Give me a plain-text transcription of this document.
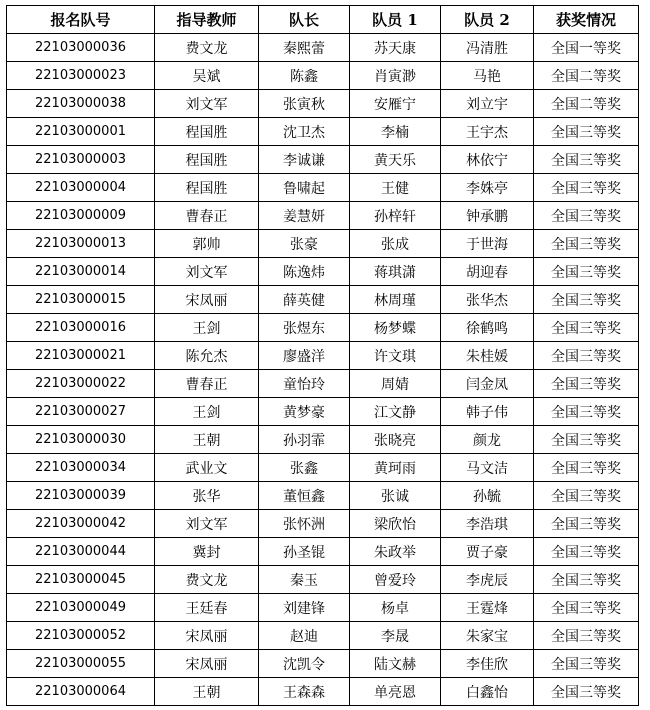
报名队号	指导教师	队长	队员 1	队员 2	获奖情况
22103000036	费文龙	秦熙蕾	苏天康	冯清胜	全国一等奖
22103000023	吴斌	陈鑫	肖寅渺	马艳	全国二等奖
22103000038	刘文军	张寅秋	安雁宁	刘立宇	全国二等奖
22103000001	程国胜	沈卫杰	李楠	王宇杰	全国三等奖
22103000003	程国胜	李诚谦	黄天乐	林依宁	全国三等奖
22103000004	程国胜	鲁啸起	王健	李姝亭	全国三等奖
22103000009	曹春正	姜慧妍	孙梓轩	钟承鹏	全国三等奖
22103000013	郭帅	张豪	张成	于世海	全国三等奖
22103000014	刘文军	陈逸炜	蒋琪潇	胡迎春	全国三等奖
22103000015	宋凤丽	薛英健	林周瑾	张华杰	全国三等奖
22103000016	王剑	张煜东	杨梦蝶	徐鹤鸣	全国三等奖
22103000021	陈允杰	廖盛洋	许文琪	朱桂媛	全国三等奖
22103000022	曹春正	童怡玲	周婧	闫金凤	全国三等奖
22103000027	王剑	黄梦豪	江文静	韩子伟	全国三等奖
22103000030	王朝	孙羽霏	张晓亮	颜龙	全国三等奖
22103000034	武业文	张鑫	黄珂雨	马文洁	全国三等奖
22103000039	张华	董恒鑫	张诚	孙毓	全国三等奖
22103000042	刘文军	张怀洲	梁欣怡	李浩琪	全国三等奖
22103000044	冀封	孙圣锟	朱政举	贾子豪	全国三等奖
22103000045	费文龙	秦玉	曾爱玲	李虎辰	全国三等奖
22103000049	王廷春	刘建锋	杨卓	王霆烽	全国三等奖
22103000052	宋凤丽	赵迪	李晟	朱家宝	全国三等奖
22103000055	宋凤丽	沈凯令	陆文赫	李佳欣	全国三等奖
22103000064	王朝	王森森	单亮恩	白鑫怡	全国三等奖
